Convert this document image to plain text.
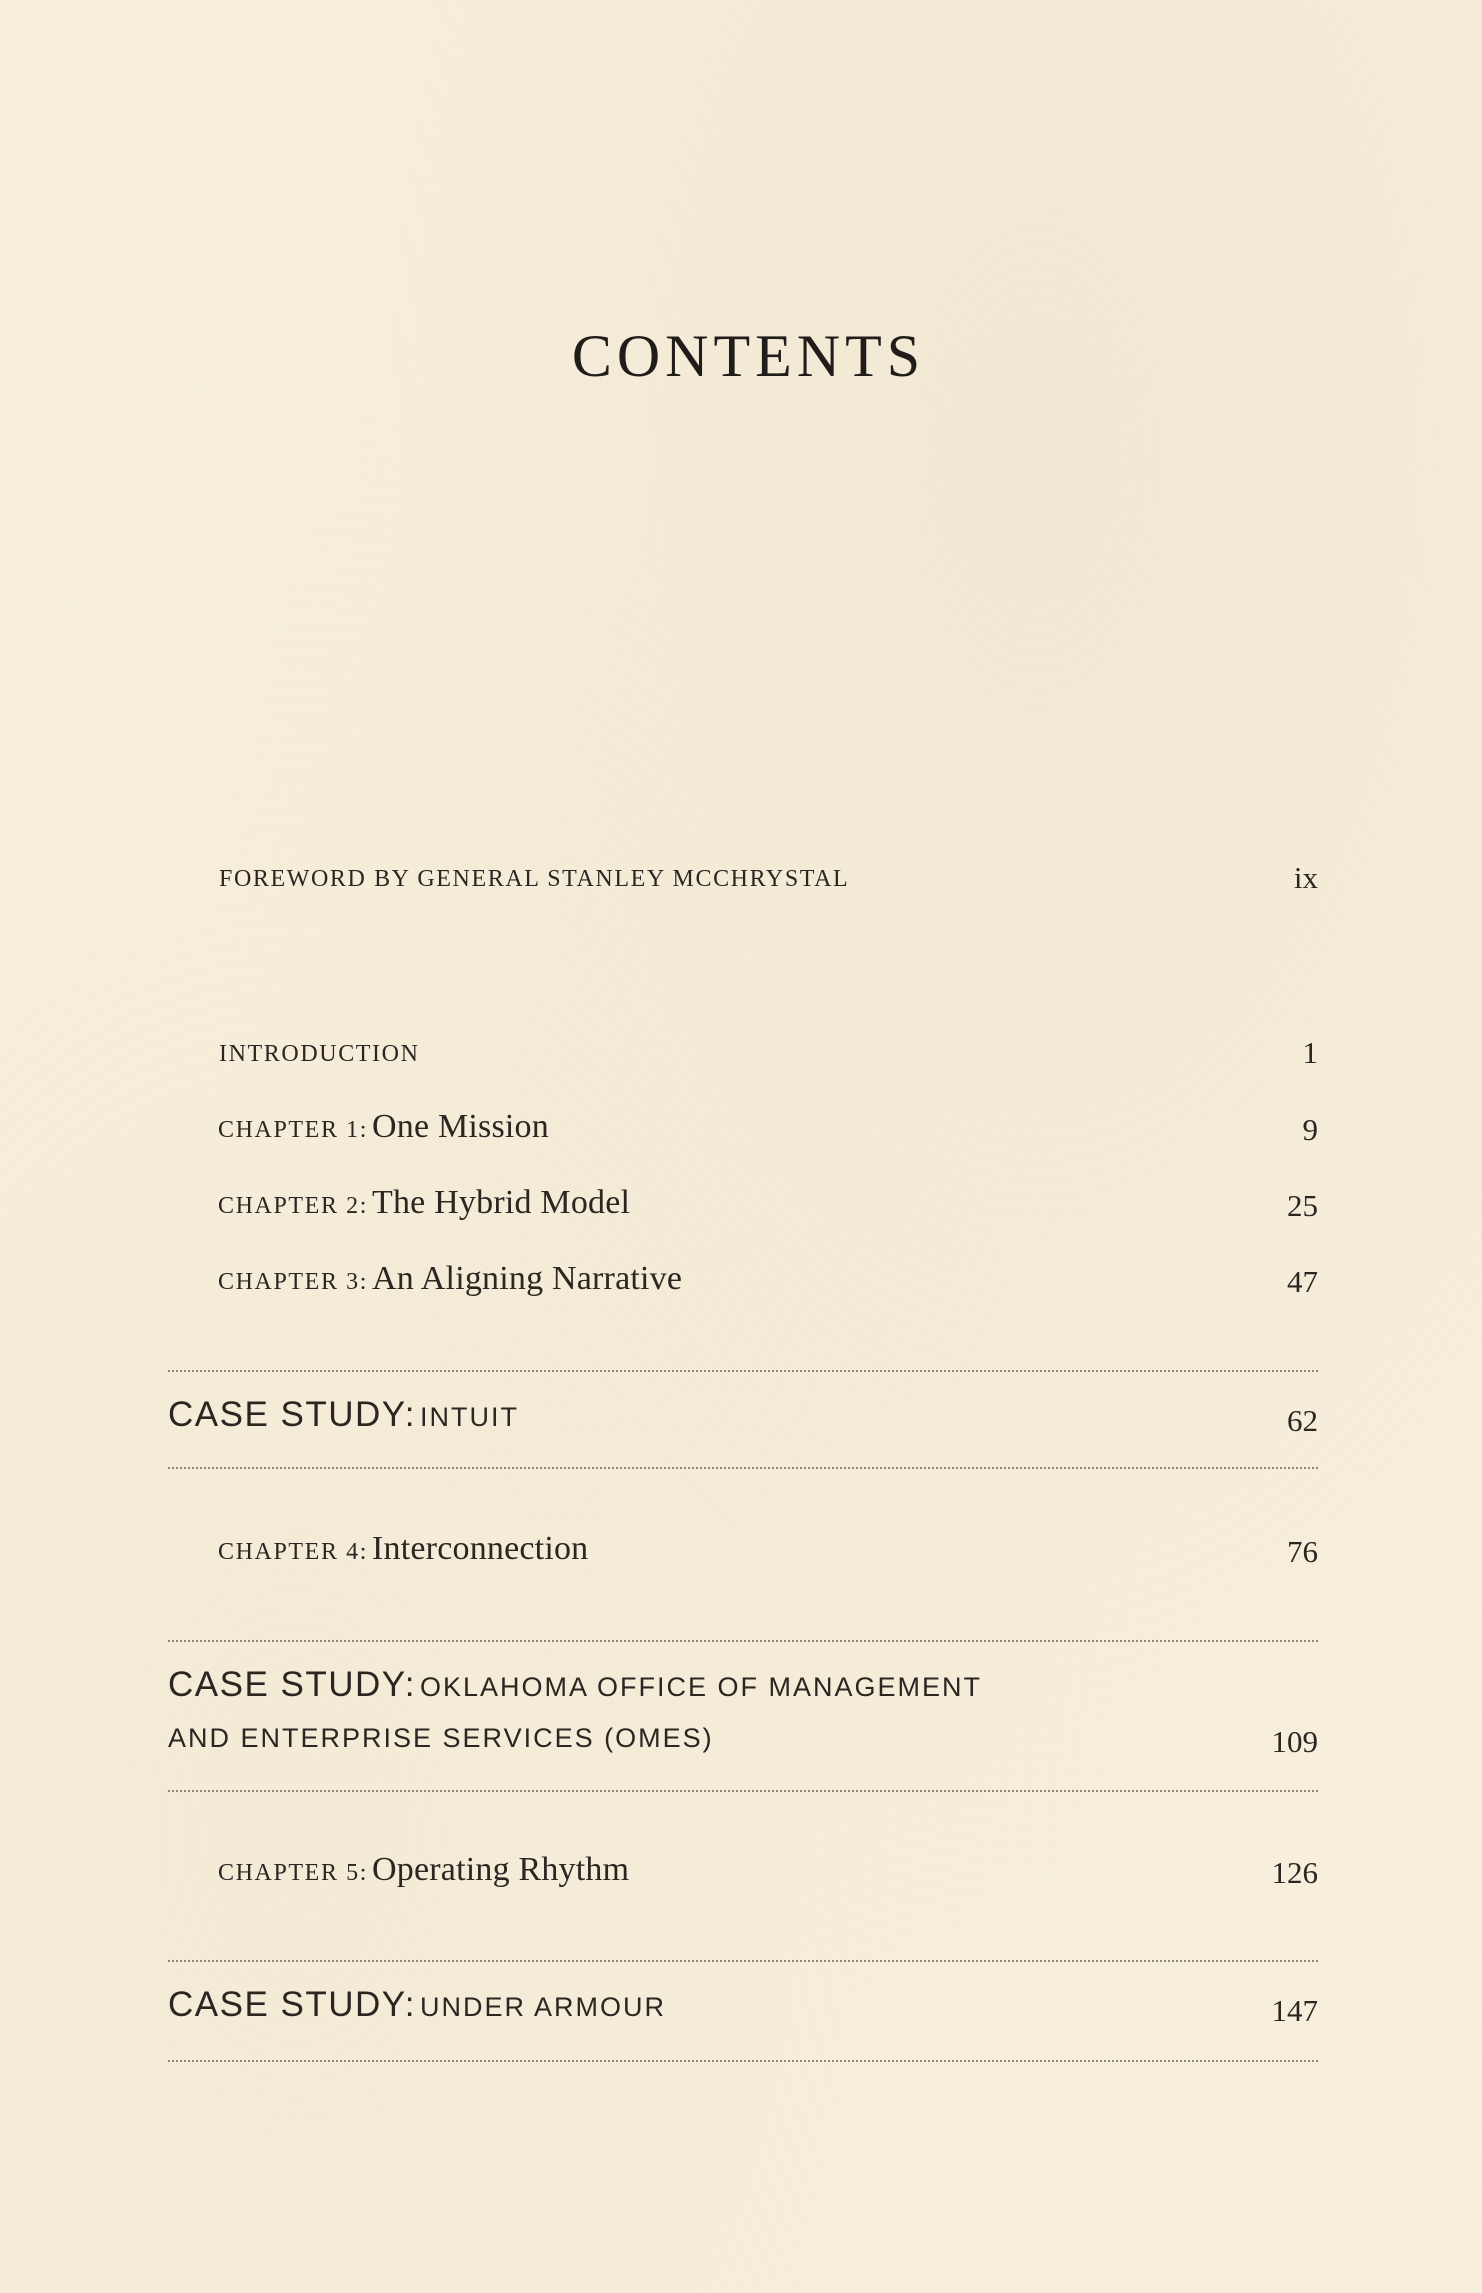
CONTENTS
FOREWORD BY GENERAL STANLEY MCCHRYSTAL	ix
INTRODUCTION	1
CHAPTER 1: One Mission	9
CHAPTER 2: The Hybrid Model	25
CHAPTER 3: An Aligning Narrative	47
CASE STUDY: INTUIT	62
CHAPTER 4: Interconnection	76
CASE STUDY: OKLAHOMA OFFICE OF MANAGEMENT
AND ENTERPRISE SERVICES (OMES)	109
CHAPTER 5: Operating Rhythm	126
CASE STUDY: UNDER ARMOUR	147
